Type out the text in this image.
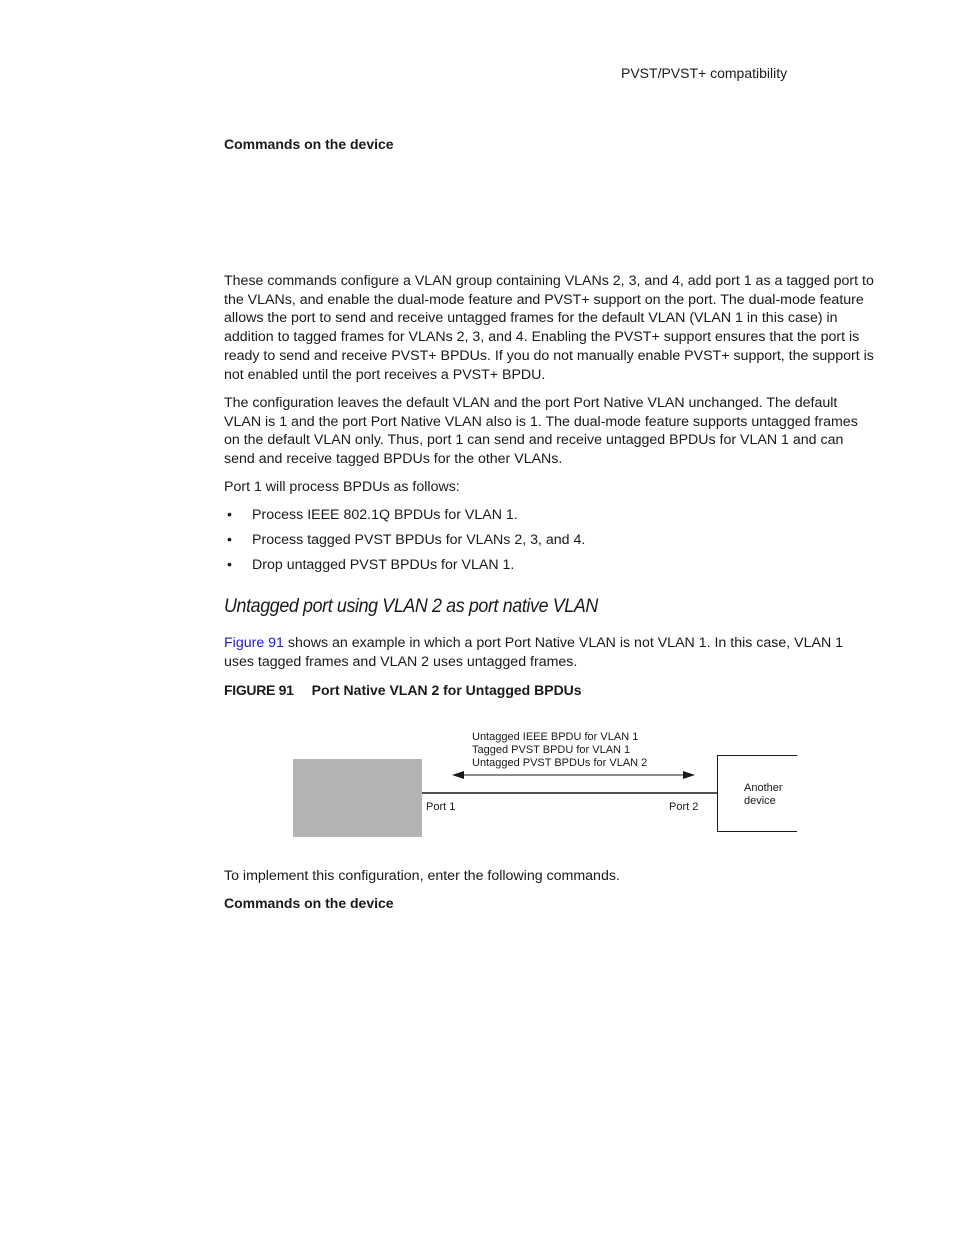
PVST/PVST+ compatibility
Commands on the device

These commands configure a VLAN group containing VLANs 2, 3, and 4, add port 1 as a tagged port to the VLANs, and enable the dual-mode feature and PVST+ support on the port. The dual-mode feature allows the port to send and receive untagged frames for the default VLAN (VLAN 1 in this case) in addition to tagged frames for VLANs 2, 3, and 4. Enabling the PVST+ support ensures that the port is ready to send and receive PVST+ BPDUs. If you do not manually enable PVST+ support, the support is not enabled until the port receives a PVST+ BPDU.

The configuration leaves the default VLAN and the port Port Native VLAN unchanged. The default VLAN is 1 and the port Port Native VLAN also is 1. The dual-mode feature supports untagged frames on the default VLAN only. Thus, port 1 can send and receive untagged BPDUs for VLAN 1 and can send and receive tagged BPDUs for the other VLANs.

Port 1 will process BPDUs as follows:

• Process IEEE 802.1Q BPDUs for VLAN 1.
• Process tagged PVST BPDUs for VLANs 2, 3, and 4.
• Drop untagged PVST BPDUs for VLAN 1.
Untagged port using VLAN 2 as port native VLAN

Figure 91 shows an example in which a port Port Native VLAN is not VLAN 1. In this case, VLAN 1 uses tagged frames and VLAN 2 uses untagged frames.

FIGURE 91 Port Native VLAN 2 for Untagged BPDUs
Untagged IEEE BPDU for VLAN 1
Tagged PVST BPDU for VLAN 1
Untagged PVST BPDUs for VLAN 2
Port 1	Port 2
Another
device

To implement this configuration, enter the following commands.

Commands on the device
